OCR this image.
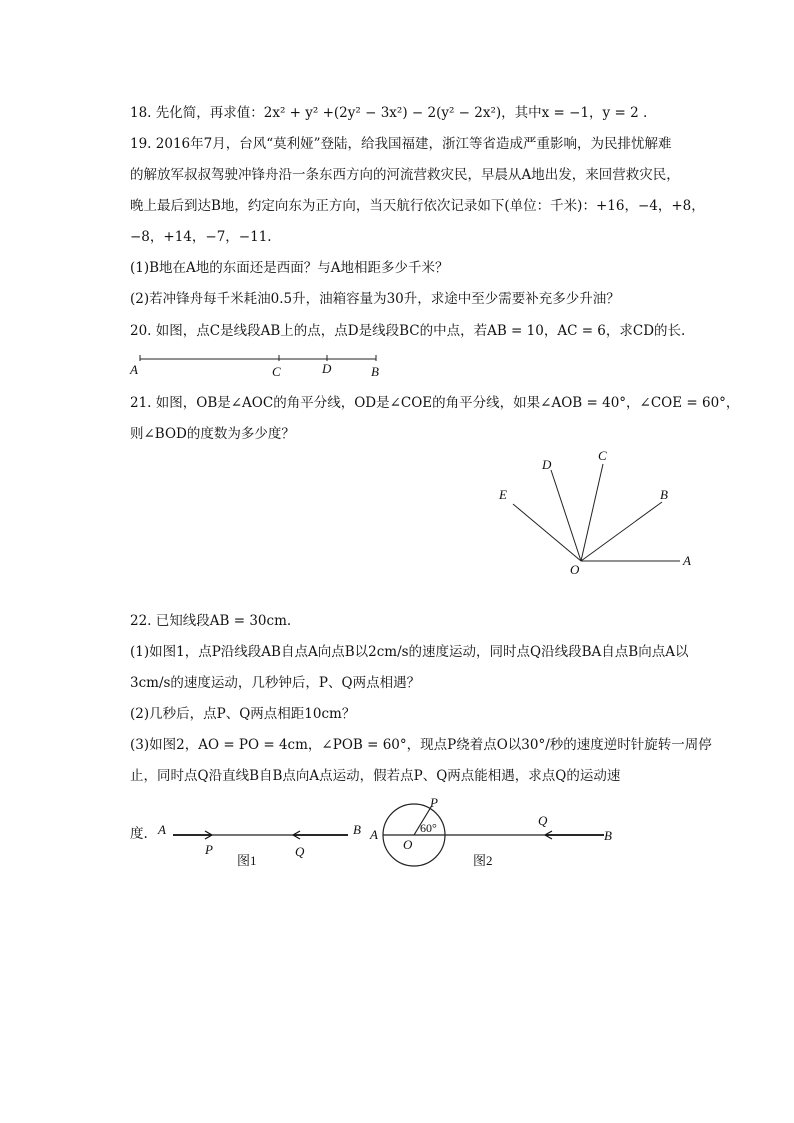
18. 先化简，再求值：2x² + y² +(2y² − 3x²) − 2(y² − 2x²)，其中x = −1，y = 2 .
19. 2016年7月，台风“莫利娅”登陆，给我国福建，浙江等省造成严重影响，为民排忧解难
的解放军叔叔驾驶冲锋舟沿一条东西方向的河流营救灾民，早晨从A地出发，来回营救灾民，
晚上最后到达B地，约定向东为正方向，当天航行依次记录如下(单位：千米)：+16，−4，+8，
−8，+14，−7，−11.
(1)B地在A地的东面还是西面？与A地相距多少千米？
(2)若冲锋舟每千米耗油0.5升，油箱容量为30升，求途中至少需要补充多少升油？
20. 如图，点C是线段AB上的点，点D是线段BC的中点，若AB = 10，AC = 6，求CD的长.
A	C	D	B
21. 如图，OB是∠AOC的角平分线，OD是∠COE的角平分线，如果∠AOB = 40°，∠COE = 60°，
则∠BOD的度数为多少度？
E
D
C
B
A
O
22. 已知线段AB = 30cm.
(1)如图1，点P沿线段AB自点A向点B以2cm/s的速度运动，同时点Q沿线段BA自点B向点A以
3cm/s的速度运动，几秒钟后，P、Q两点相遇？
(2)几秒后，点P、Q两点相距10cm？
(3)如图2，AO = PO = 4cm，∠POB = 60°，现点P绕着点O以30°/秒的速度逆时针旋转一周停
止，同时点Q沿直线B自B点向A点运动，假若点P、Q两点能相遇，求点Q的运动速
度. A	B
P	Q
图1
A	B
P
O
60°	Q
图2
